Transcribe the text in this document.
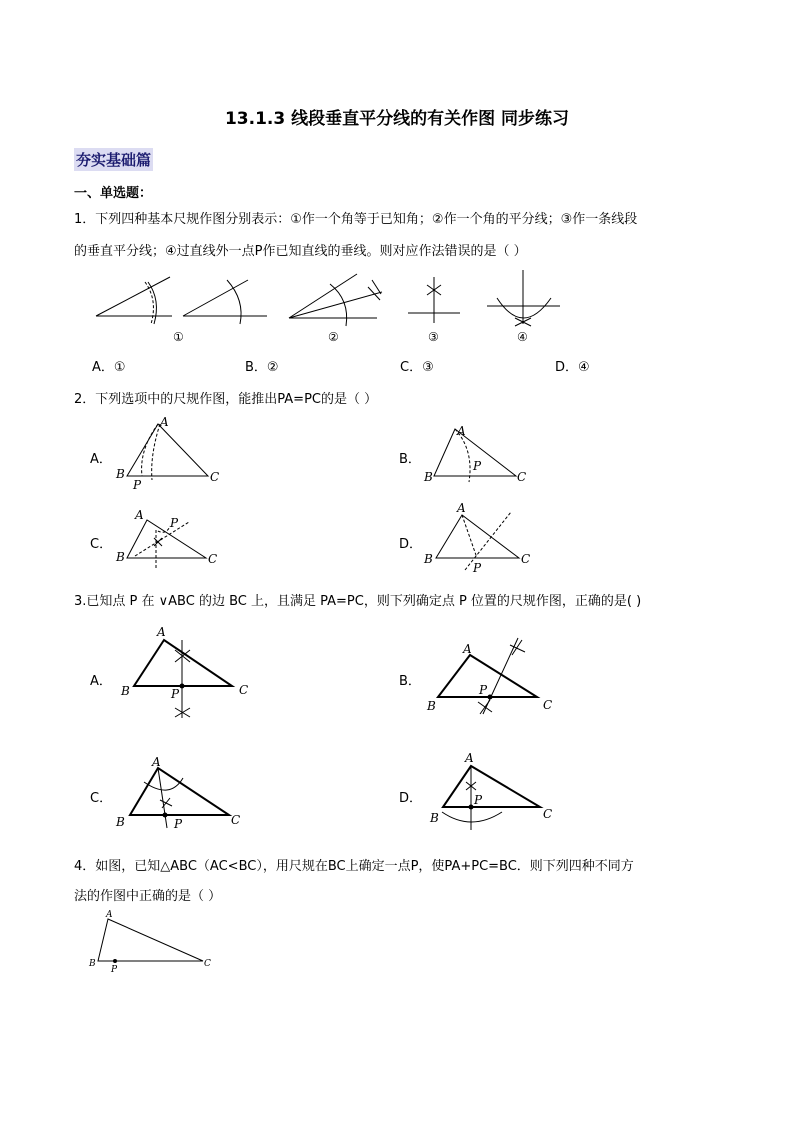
13.1.3 线段垂直平分线的有关作图 同步练习
夯实基础篇
一、单选题：
1．下列四种基本尺规作图分别表示：①作一个角等于已知角；②作一个角的平分线；③作一条线段
的垂直平分线；④过直线外一点P作已知直线的垂线。则对应作法错误的是（ ）
①	②	③	④
A．①	B．②	C．③	D．④
2．下列选项中的尺规作图，能推出PA=PC的是（ ）
A．	B．
C．	D．
A
B	C
P
A
B	C
P
A
B	C
P
A
B	C
P
3.已知点 P 在 ∨ABC 的边 BC 上，且满足 PA=PC，则下列确定点 P 位置的尺规作图，正确的是( )
A．	B．
C．	D．
A
B	C
P
A
B	C
P
A
B	C
P
A
B	C
P
4．如图，已知△ABC（AC<BC），用尺规在BC上确定一点P，使PA+PC=BC．则下列四种不同方
法的作图中正确的是（ ）
A
B	C
P
